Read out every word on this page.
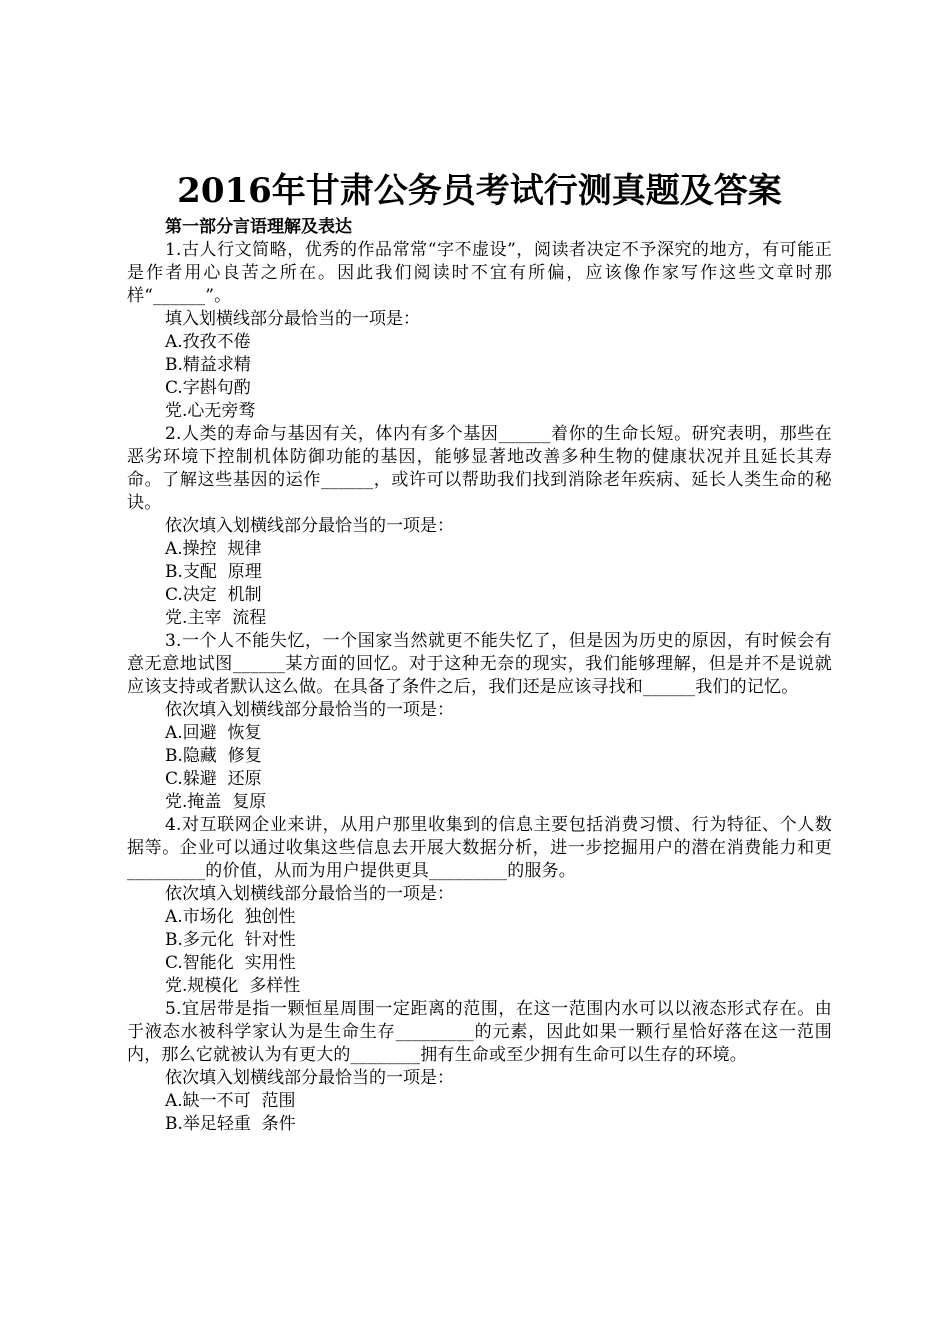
2016年甘肃公务员考试行测真题及答案
第一部分言语理解及表达

1.古人行文简略，优秀的作品常常“字不虚设”，阅读者决定不予深究的地方，有可能正是作者用心良苦之所在。因此我们阅读时不宜有所偏，应该像作家写作这些文章时那样“______”。

填入划横线部分最恰当的一项是：

A.孜孜不倦

B.精益求精

C.字斟句酌

党.心无旁骛

2.人类的寿命与基因有关，体内有多个基因______着你的生命长短。研究表明，那些在恶劣环境下控制机体防御功能的基因，能够显著地改善多种生物的健康状况并且延长其寿命。了解这些基因的运作______，或许可以帮助我们找到消除老年疾病、延长人类生命的秘诀。

依次填入划横线部分最恰当的一项是：

A.操控  规律

B.支配  原理

C.决定  机制

党.主宰  流程

3.一个人不能失忆，一个国家当然就更不能失忆了，但是因为历史的原因，有时候会有意无意地试图______某方面的回忆。对于这种无奈的现实，我们能够理解，但是并不是说就应该支持或者默认这么做。在具备了条件之后，我们还是应该寻找和______我们的记忆。

依次填入划横线部分最恰当的一项是：

A.回避  恢复

B.隐藏  修复

C.躲避  还原

党.掩盖  复原

4.对互联网企业来讲，从用户那里收集到的信息主要包括消费习惯、行为特征、个人数据等。企业可以通过收集这些信息去开展大数据分析，进一步挖掘用户的潜在消费能力和更_________的价值，从而为用户提供更具_________的服务。

依次填入划横线部分最恰当的一项是：

A.市场化  独创性

B.多元化  针对性

C.智能化  实用性

党.规模化  多样性

5.宜居带是指一颗恒星周围一定距离的范围，在这一范围内水可以以液态形式存在。由于液态水被科学家认为是生命生存_________的元素，因此如果一颗行星恰好落在这一范围内，那么它就被认为有更大的________拥有生命或至少拥有生命可以生存的环境。

依次填入划横线部分最恰当的一项是：

A.缺一不可  范围

B.举足轻重  条件
